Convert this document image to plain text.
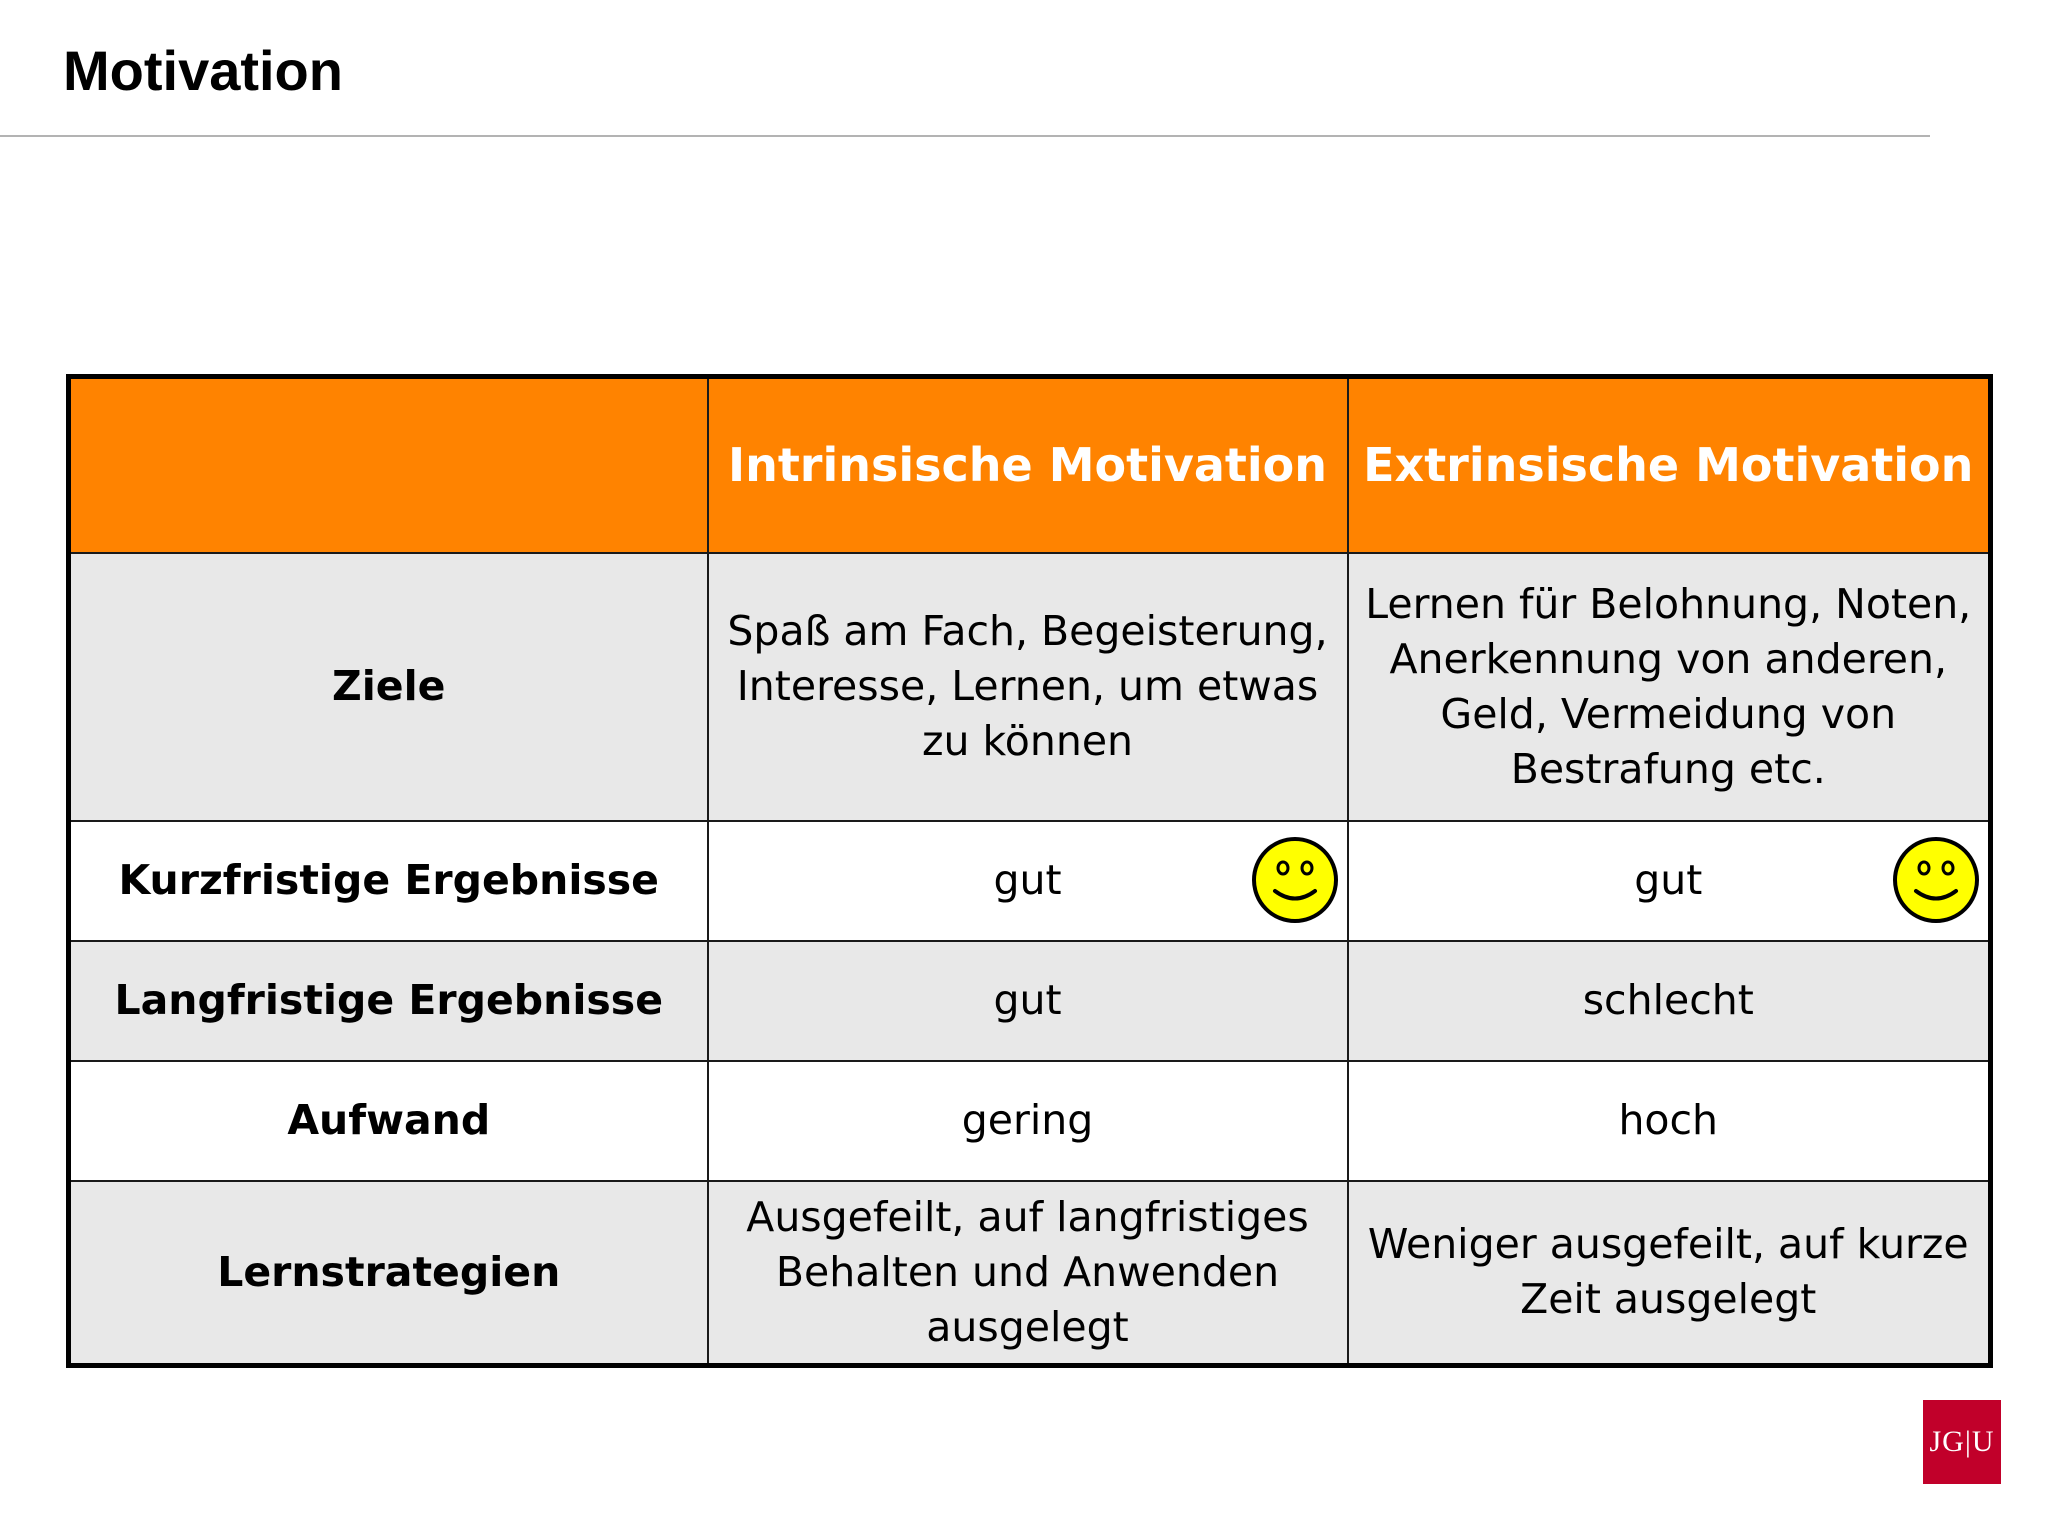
Motivation
	Intrinsische Motivation	Extrinsische Motivation
Ziele	Spaß am Fach, Begeisterung, Interesse, Lernen, um etwas zu können	Lernen für Belohnung, Noten, Anerkennung von anderen, Geld, Vermeidung von Bestrafung etc.
Kurzfristige Ergebnisse	gut	gut

Langfristige Ergebnisse	gut	schlecht
Aufwand	gering	hoch
Lernstrategien	Ausgefeilt, auf langfristiges Behalten und Anwenden ausgelegt	Weniger ausgefeilt, auf kurze Zeit ausgelegt
JG|U
